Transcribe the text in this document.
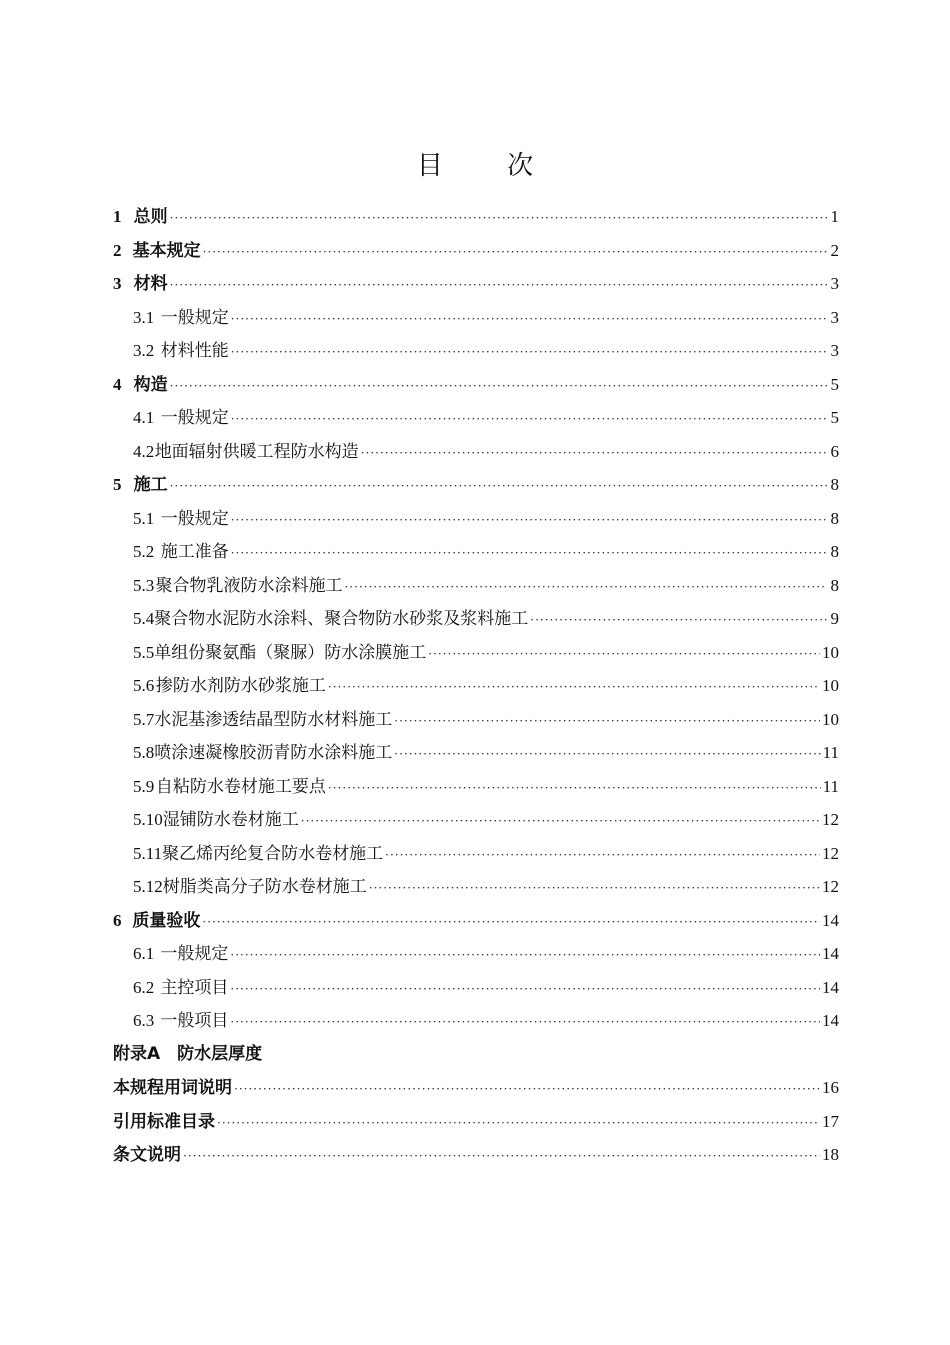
目 次
1 总则 ·····	1
2 基本规定 ·····	2
3 材料 ·····	3
3.1 一般规定 ·····	3
3.2 材料性能 ·····	3
4 构造 ·····	5
4.1 一般规定 ·····	5
4.2 地面辐射供暖工程防水构造 ·····	6
5 施工 ·····	8
5.1 一般规定 ·····	8
5.2 施工准备 ·····	8
5.3 聚合物乳液防水涂料施工 ·····	8
5.4 聚合物水泥防水涂料、聚合物防水砂浆及浆料施工 ·····	9
5.5 单组份聚氨酯（聚脲）防水涂膜施工 ·····	10
5.6 掺防水剂防水砂浆施工 ·····	10
5.7 水泥基渗透结晶型防水材料施工 ·····	10
5.8 喷涂速凝橡胶沥青防水涂料施工 ·····	11
5.9 自粘防水卷材施工要点 ·····	11
5.10 湿铺防水卷材施工 ·····	12
5.11 聚乙烯丙纶复合防水卷材施工 ·····	12
5.12 树脂类高分子防水卷材施工 ·····	12
6 质量验收 ·····	14
6.1 一般规定 ·····	14
6.2 主控项目 ·····	14
6.3 一般项目 ·····	14
附录A　防水层厚度
本规程用词说明 ·····	16
引用标准目录 ·····	17
条文说明 ·····	18
